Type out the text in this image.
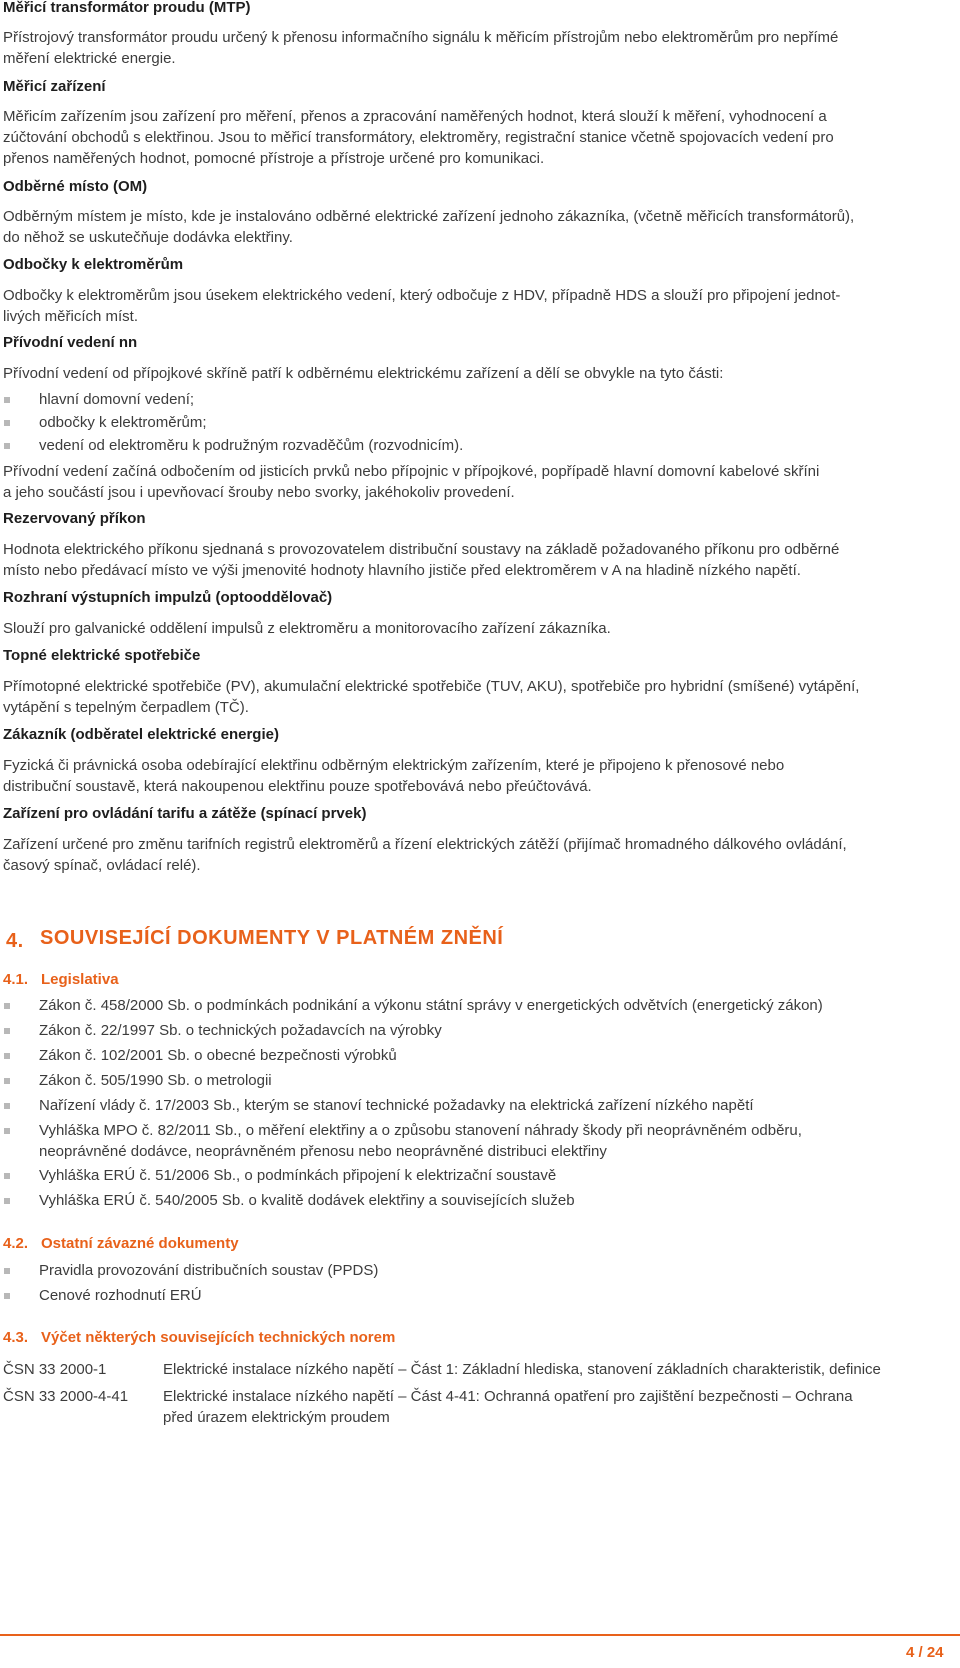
Měřicí transformátor proudu (MTP)
Přístrojový transformátor proudu určený k přenosu informačního signálu k měřicím přístrojům nebo elektroměrům pro nepřímé
měření elektrické energie.
Měřicí zařízení
Měřicím zařízením jsou zařízení pro měření, přenos a zpracování naměřených hodnot, která slouží k měření, vyhodnocení a
zúčtování obchodů s elektřinou. Jsou to měřicí transformátory, elektroměry, registrační stanice včetně spojovacích vedení pro
přenos naměřených hodnot, pomocné přístroje a přístroje určené pro komunikaci.
Odběrné místo (OM)
Odběrným místem je místo, kde je instalováno odběrné elektrické zařízení jednoho zákazníka, (včetně měřicích transformátorů),
do něhož se uskutečňuje dodávka elektřiny.
Odbočky k elektroměrům
Odbočky k elektroměrům jsou úsekem elektrického vedení, který odbočuje z HDV, případně HDS a slouží pro připojení jednot-
livých měřicích míst.
Přívodní vedení nn
Přívodní vedení od přípojkové skříně patří k odběrnému elektrickému zařízení a dělí se obvykle na tyto části:
hlavní domovní vedení;
odbočky k elektroměrům;
vedení od elektroměru k podružným rozvaděčům (rozvodnicím).
Přívodní vedení začíná odbočením od jisticích prvků nebo přípojnic v přípojkové, popřípadě hlavní domovní kabelové skříni
a jeho součástí jsou i upevňovací šrouby nebo svorky, jakéhokoliv provedení.
Rezervovaný příkon
Hodnota elektrického příkonu sjednaná s provozovatelem distribuční soustavy na základě požadovaného příkonu pro odběrné
místo nebo předávací místo ve výši jmenovité hodnoty hlavního jističe před elektroměrem v A na hladině nízkého napětí.
Rozhraní výstupních impulzů (optooddělovač)
Slouží pro galvanické oddělení impulsů z elektroměru a monitorovacího zařízení zákazníka.
Topné elektrické spotřebiče
Přímotopné elektrické spotřebiče (PV), akumulační elektrické spotřebiče (TUV, AKU), spotřebiče pro hybridní (smíšené) vytápění,
vytápění s tepelným čerpadlem (TČ).
Zákazník (odběratel elektrické energie)
Fyzická či právnická osoba odebírající elektřinu odběrným elektrickým zařízením, které je připojeno k přenosové nebo
distribuční soustavě, která nakoupenou elektřinu pouze spotřebovává nebo přeúčtovává.
Zařízení pro ovládání tarifu a zátěže (spínací prvek)
Zařízení určené pro změnu tarifních registrů elektroměrů a řízení elektrických zátěží (přijímač hromadného dálkového ovládání,
časový spínač, ovládací relé).
4. SOUVISEJÍCÍ DOKUMENTY V PLATNÉM ZNĚNÍ
4.1. Legislativa
Zákon č. 458/2000 Sb. o podmínkách podnikání a výkonu státní správy v energetických odvětvích (energetický zákon)
Zákon č. 22/1997 Sb. o technických požadavcích na výrobky
Zákon č. 102/2001 Sb. o obecné bezpečnosti výrobků
Zákon č. 505/1990 Sb. o metrologii
Nařízení vlády č. 17/2003 Sb., kterým se stanoví technické požadavky na elektrická zařízení nízkého napětí
Vyhláška MPO č. 82/2011 Sb., o měření elektřiny a o způsobu stanovení náhrady škody při neoprávněném odběru,
neoprávněné dodávce, neoprávněném přenosu nebo neoprávněné distribuci elektřiny
Vyhláška ERÚ č. 51/2006 Sb., o podmínkách připojení k elektrizační soustavě
Vyhláška ERÚ č. 540/2005 Sb. o kvalitě dodávek elektřiny a souvisejících služeb
4.2. Ostatní závazné dokumenty
Pravidla provozování distribučních soustav (PPDS)
Cenové rozhodnutí ERÚ
4.3. Výčet některých souvisejících technických norem
ČSN 33 2000-1	Elektrické instalace nízkého napětí – Část 1: Základní hlediska, stanovení základních charakteristik, definice
ČSN 33 2000-4-41 Elektrické instalace nízkého napětí – Část 4-41: Ochranná opatření pro zajištění bezpečnosti – Ochrana
před úrazem elektrickým proudem
4 / 24
